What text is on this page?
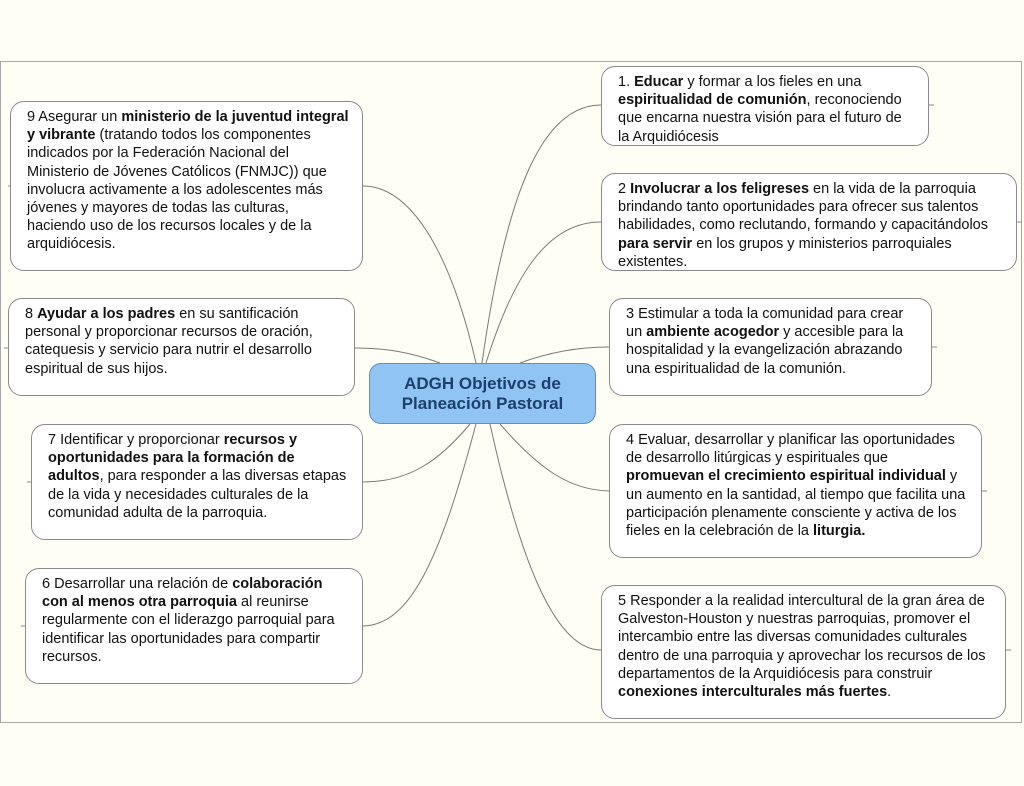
ADGH Objetivos de
Planeación Pastoral
1. Educar y formar a los fieles en una espiritualidad de comunión, reconociendo que encarna nuestra visión para el futuro de la Arquidiócesis
2 Involucrar a los feligreses en la vida de la parroquia brindando tanto oportunidades para ofrecer sus talentos habilidades, como reclutando, formando y capacitándolos para servir en los grupos y ministerios parroquiales existentes.
3 Estimular a toda la comunidad para crear un ambiente acogedor y accesible para la hospitalidad y la evangelización abrazando una espiritualidad de la comunión.
4 Evaluar, desarrollar y planificar las oportunidades de desarrollo litúrgicas y espirituales que promuevan el crecimiento espiritual individual y un aumento en la santidad, al tiempo que facilita una participación plenamente consciente y activa de los fieles en la celebración de la liturgia.
5 Responder a la realidad intercultural de la gran área de Galveston-Houston y nuestras parroquias, promover el intercambio entre las diversas comunidades culturales dentro de una parroquia y aprovechar los recursos de los departamentos de la Arquidiócesis para construir conexiones interculturales más fuertes.
6 Desarrollar una relación de colaboración con al menos otra parroquia al reunirse regularmente con el liderazgo parroquial para identificar las oportunidades para compartir recursos.
7 Identificar y proporcionar recursos y oportunidades para la formación de adultos, para responder a las diversas etapas de la vida y necesidades culturales de la comunidad adulta de la parroquia.
8 Ayudar a los padres en su santificación personal y proporcionar recursos de oración, catequesis y servicio para nutrir el desarrollo espiritual de sus hijos.
9 Asegurar un ministerio de la juventud integral y vibrante (tratando todos los componentes indicados por la Federación Nacional del Ministerio de Jóvenes Católicos (FNMJC)) que involucra activamente a los adolescentes más jóvenes y mayores de todas las culturas, haciendo uso de los recursos locales y de la arquidiócesis.
